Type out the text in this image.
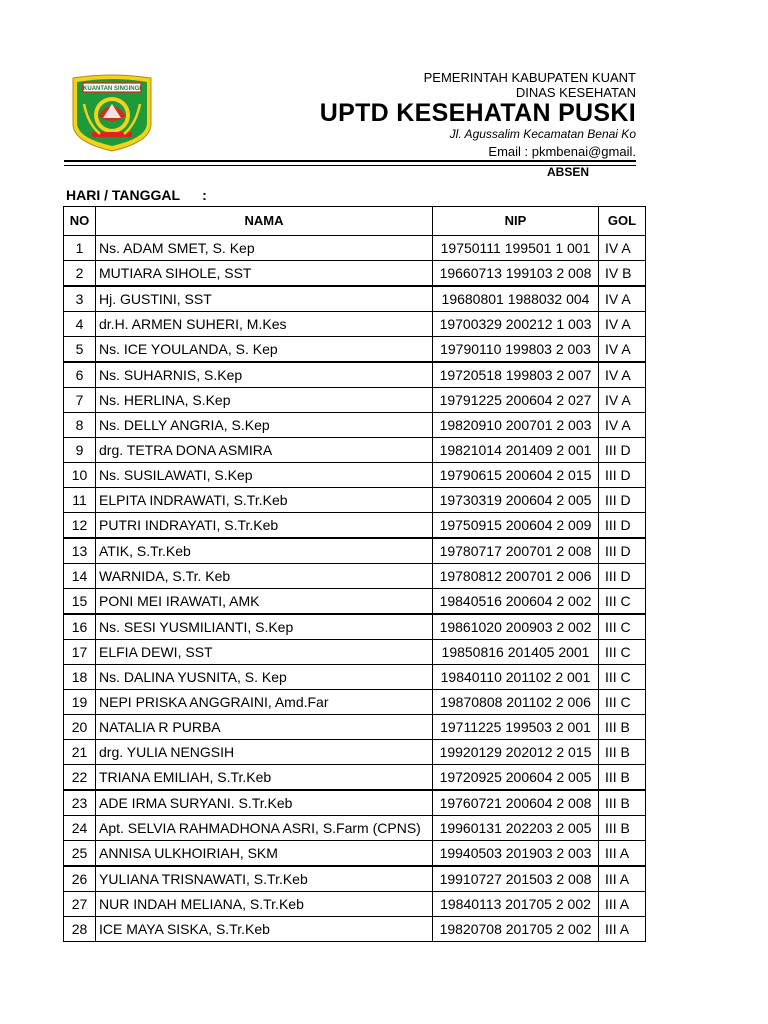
KUANTAN SINGINGI
PEMERINTAH KABUPATEN KUANT
DINAS KESEHATAN
UPTD KESEHATAN PUSKI
Jl. Agussalim Kecamatan Benai Ko
Email : pkmbenai@gmail.
ABSEN
HARI / TANGGAL :
NO	NAMA	NIP	GOL
1	Ns. ADAM SMET, S. Kep	19750111 199501 1 001	IV A
2	MUTIARA SIHOLE, SST	19660713 199103 2 008	IV B
3	Hj. GUSTINI, SST	19680801 1988032 004	IV A
4	dr.H. ARMEN SUHERI, M.Kes	19700329 200212 1 003	IV A
5	Ns. ICE YOULANDA, S. Kep	19790110 199803 2 003	IV A
6	Ns. SUHARNIS, S.Kep	19720518 199803 2 007	IV A
7	Ns. HERLINA, S.Kep	19791225 200604 2 027	IV A
8	Ns. DELLY ANGRIA, S.Kep	19820910 200701 2 003	IV A
9	drg. TETRA DONA ASMIRA	19821014 201409 2 001	III D
10	Ns. SUSILAWATI, S.Kep	19790615 200604 2 015	III D
11	ELPITA INDRAWATI, S.Tr.Keb	19730319 200604 2 005	III D
12	PUTRI INDRAYATI, S.Tr.Keb	19750915 200604 2 009	III D
13	ATIK, S.Tr.Keb	19780717 200701 2 008	III D
14	WARNIDA, S.Tr. Keb	19780812 200701 2 006	III D
15	PONI MEI IRAWATI, AMK	19840516 200604 2 002	III C
16	Ns. SESI YUSMILIANTI, S.Kep	19861020 200903 2 002	III C
17	ELFIA DEWI, SST	19850816 201405 2001	III C
18	Ns. DALINA YUSNITA, S. Kep	19840110 201102 2 001	III C
19	NEPI PRISKA ANGGRAINI, Amd.Far	19870808 201102 2 006	III C
20	NATALIA R PURBA	19711225 199503 2 001	III B
21	drg. YULIA NENGSIH	19920129 202012 2 015	III B
22	TRIANA EMILIAH, S.Tr.Keb	19720925 200604 2 005	III B
23	ADE IRMA SURYANI. S.Tr.Keb	19760721 200604 2 008	III B
24	Apt. SELVIA RAHMADHONA ASRI, S.Farm (CPNS)	19960131 202203 2 005	III B
25	ANNISA ULKHOIRIAH, SKM	19940503 201903 2 003	III A
26	YULIANA TRISNAWATI, S.Tr.Keb	19910727 201503 2 008	III A
27	NUR INDAH MELIANA, S.Tr.Keb	19840113 201705 2 002	III A
28	ICE MAYA SISKA, S.Tr.Keb	19820708 201705 2 002	III A
